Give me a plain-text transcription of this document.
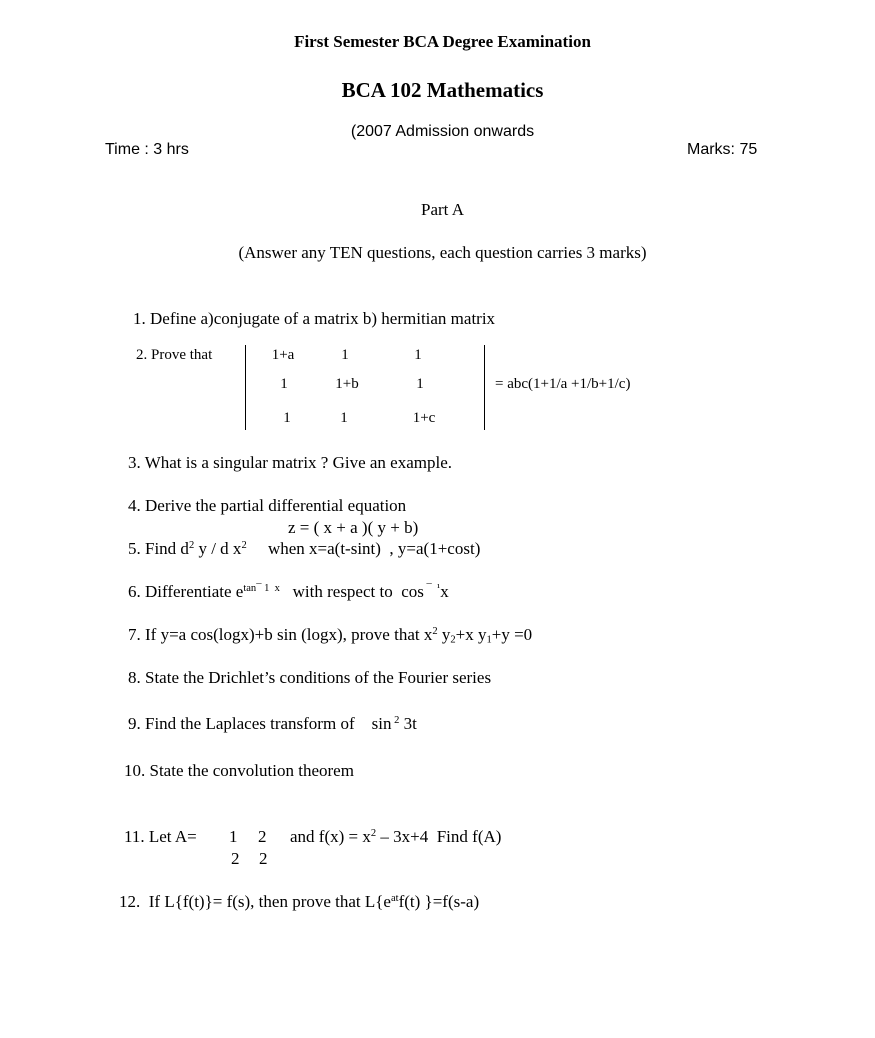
First Semester BCA Degree Examination
BCA 102 Mathematics
(2007 Admission onwards
Time : 3 hrs	Marks: 75
Part A
(Answer any TEN questions, each question carries 3 marks)
1. Define a)conjugate of a matrix b) hermitian matrix
2. Prove that	1+a	1	1
1	1+b	1
1	1	1+c
= abc(1+1/a +1/b+1/c)
3. What is a singular matrix ? Give an example.
4. Derive the partial differential equation
z = ( x + a )( y + b)
5. Find $d^2$ y / d $x^2$     when x=a(t-sint)  , y=a(1+cost)
6. Differentiate $e^{tan¯ 1 x}$   with respect to  cos $^{¯ ^1}$x
7. If y=a cos(logx)+b sin (logx), prove that $x^2$ $y_2+x$ $y_1+y =0$
8. State the Drichlet’s conditions of the Fourier series
9. Find the Laplaces transform of    sin $^2$ 3t
10. State the convolution theorem
11. Let A= 1 2
2 2
and $f(x) = x^2 - 3x+4$  Find f(A)
12.  If L{f(t)}= f(s), then prove that $L\{e^{at}f(t)$ }=f(s-a)
